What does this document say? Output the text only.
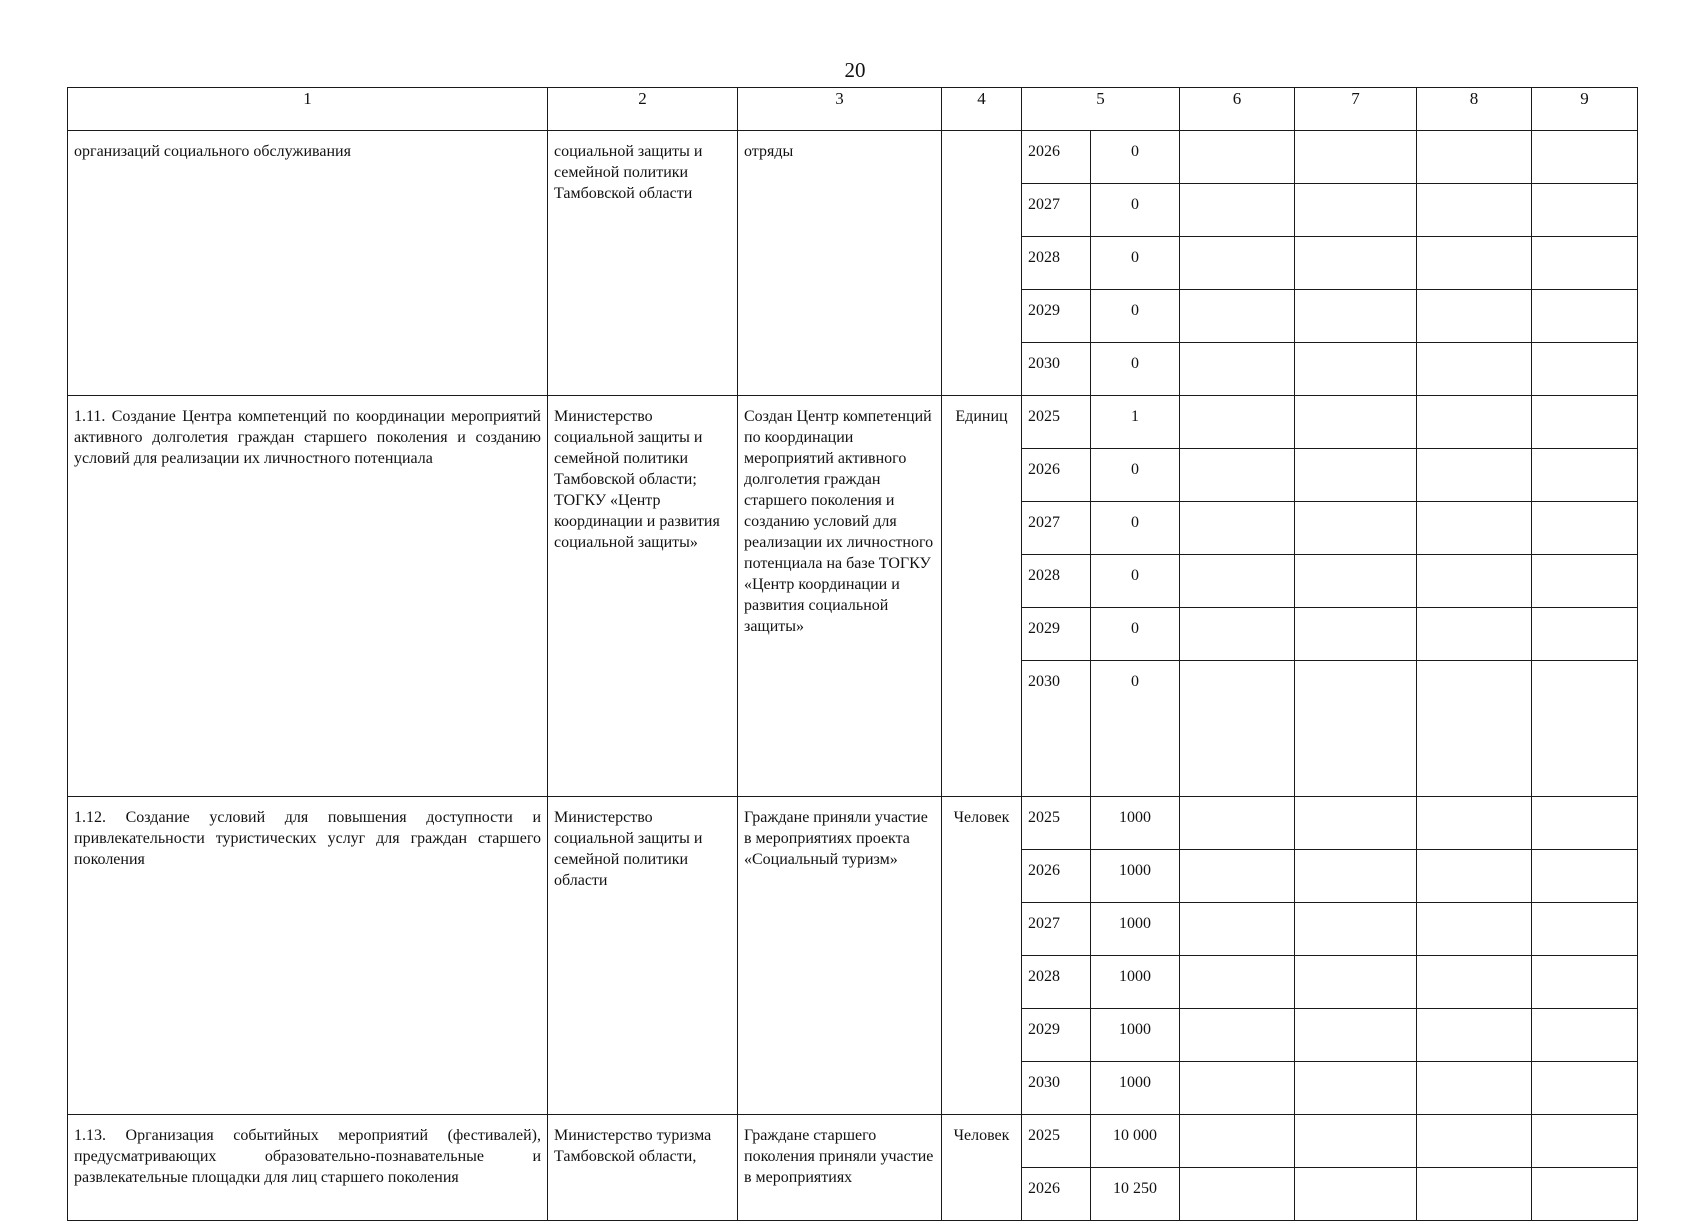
20
1	2	3	4	5		6	7	8	9
организаций социального обслуживания	социальной защиты и семейной политики Тамбовской области	отряды		2026	0				
				2027	0				
				2028	0				
				2029	0				
				2030	0				
1.11. Создание Центра компетенций по координации мероприятий активного долголетия граждан старшего поколения и созданию условий для реализации их личностного потенциала	Министерство социальной защиты и семейной политики Тамбовской области; ТОГКУ «Центр координации и развития социальной защиты»	Создан Центр компетенций по координации мероприятий активного долголетия граждан старшего поколения и созданию условий для реализации их личностного потенциала на базе ТОГКУ «Центр координации и развития социальной защиты»	Единиц	2025	1				
				2026	0				
				2027	0				
				2028	0				
				2029	0				
				2030	0				
1.12. Создание условий для повышения доступности и привлекательности туристических услуг для граждан старшего поколения	Министерство социальной защиты и семейной политики области	Граждане приняли участие в мероприятиях проекта «Социальный туризм»	Человек	2025	1000				
				2026	1000				
				2027	1000				
				2028	1000				
				2029	1000				
				2030	1000				
1.13. Организация событийных мероприятий (фестивалей), предусматривающих образовательно-познавательные и развлекательные площадки для лиц старшего поколения	Министерство туризма Тамбовской области,	Граждане старшего поколения приняли участие в мероприятиях	Человек	2025	10 000				
				2026	10 250				
